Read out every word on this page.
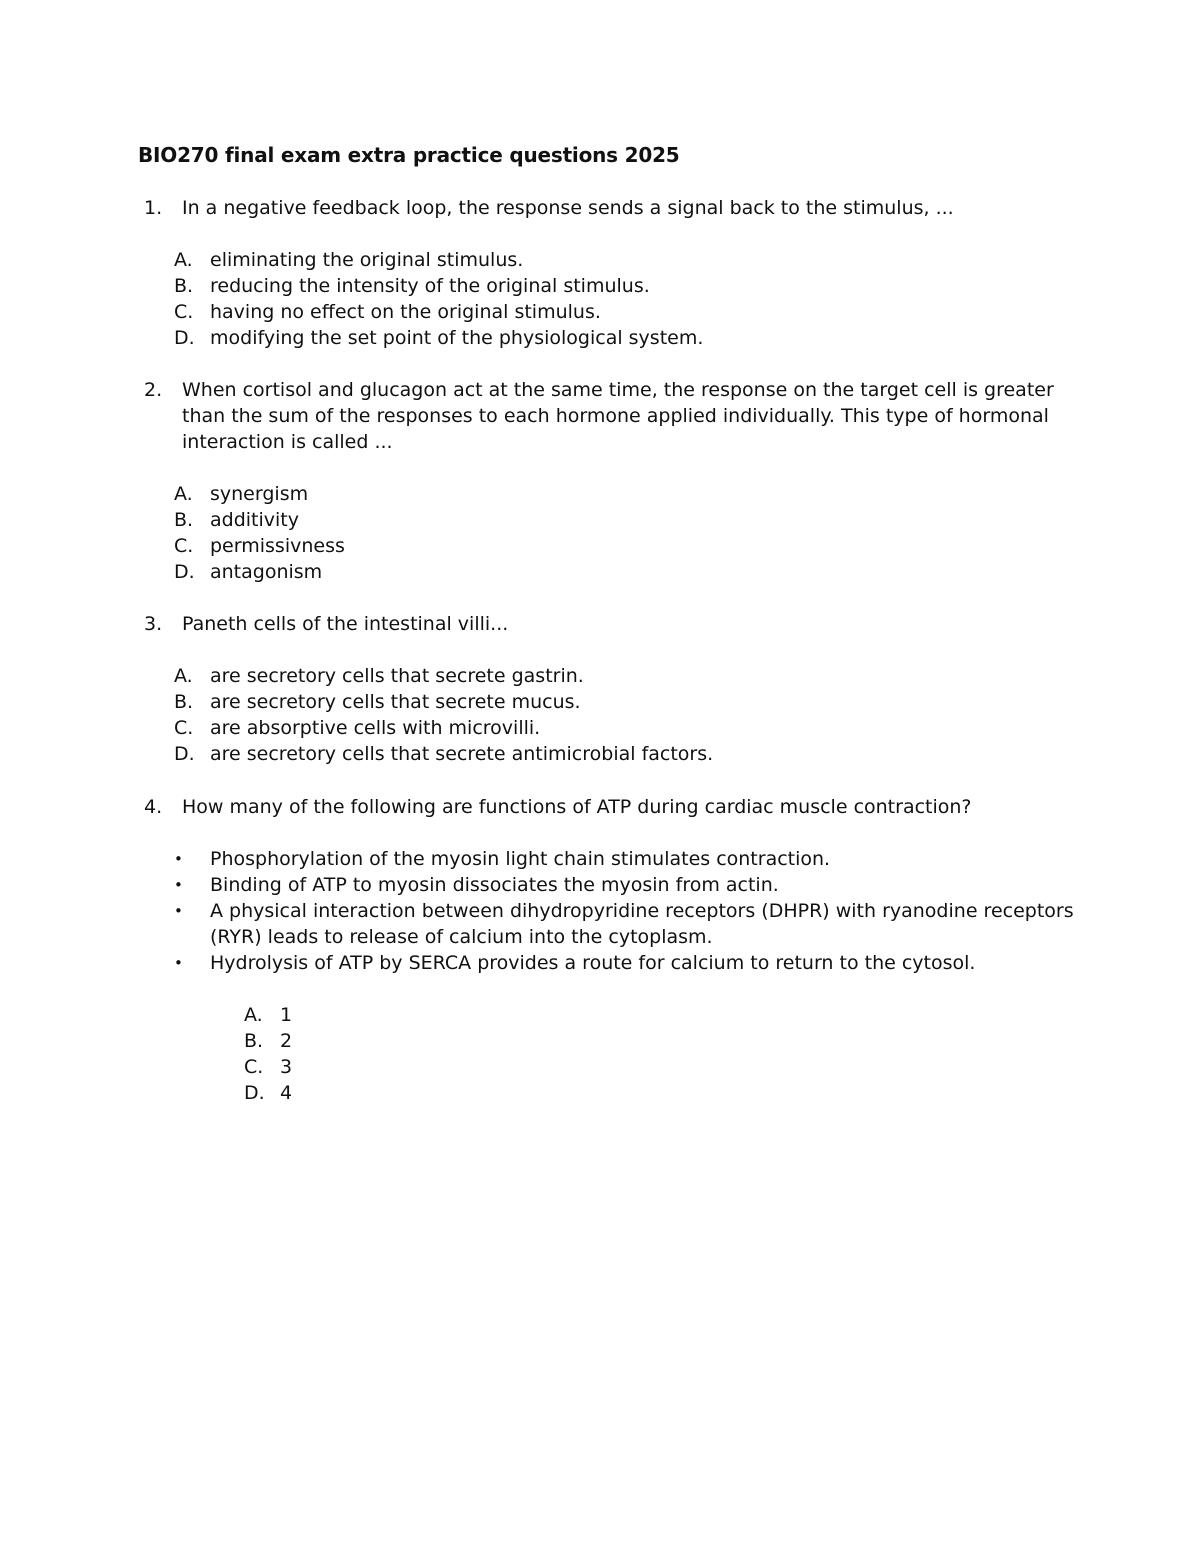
BIO270 final exam extra practice questions 2025
1.	In a negative feedback loop, the response sends a signal back to the stimulus, ...
A. eliminating the original stimulus.
B. reducing the intensity of the original stimulus.
C. having no effect on the original stimulus.
D. modifying the set point of the physiological system.
2.	When cortisol and glucagon act at the same time, the response on the target cell is greater than the sum of the responses to each hormone applied individually. This type of hormonal interaction is called ...
A. synergism
B. additivity
C. permissivness
D. antagonism
3.	Paneth cells of the intestinal villi...
A. are secretory cells that secrete gastrin.
B. are secretory cells that secrete mucus.
C. are absorptive cells with microvilli.
D. are secretory cells that secrete antimicrobial factors.
4.	How many of the following are functions of ATP during cardiac muscle contraction?
•	Phosphorylation of the myosin light chain stimulates contraction.
•	Binding of ATP to myosin dissociates the myosin from actin.
•	A physical interaction between dihydropyridine receptors (DHPR) with ryanodine receptors (RYR) leads to release of calcium into the cytoplasm.
•	Hydrolysis of ATP by SERCA provides a route for calcium to return to the cytosol.
A. 1
B. 2
C. 3
D. 4
